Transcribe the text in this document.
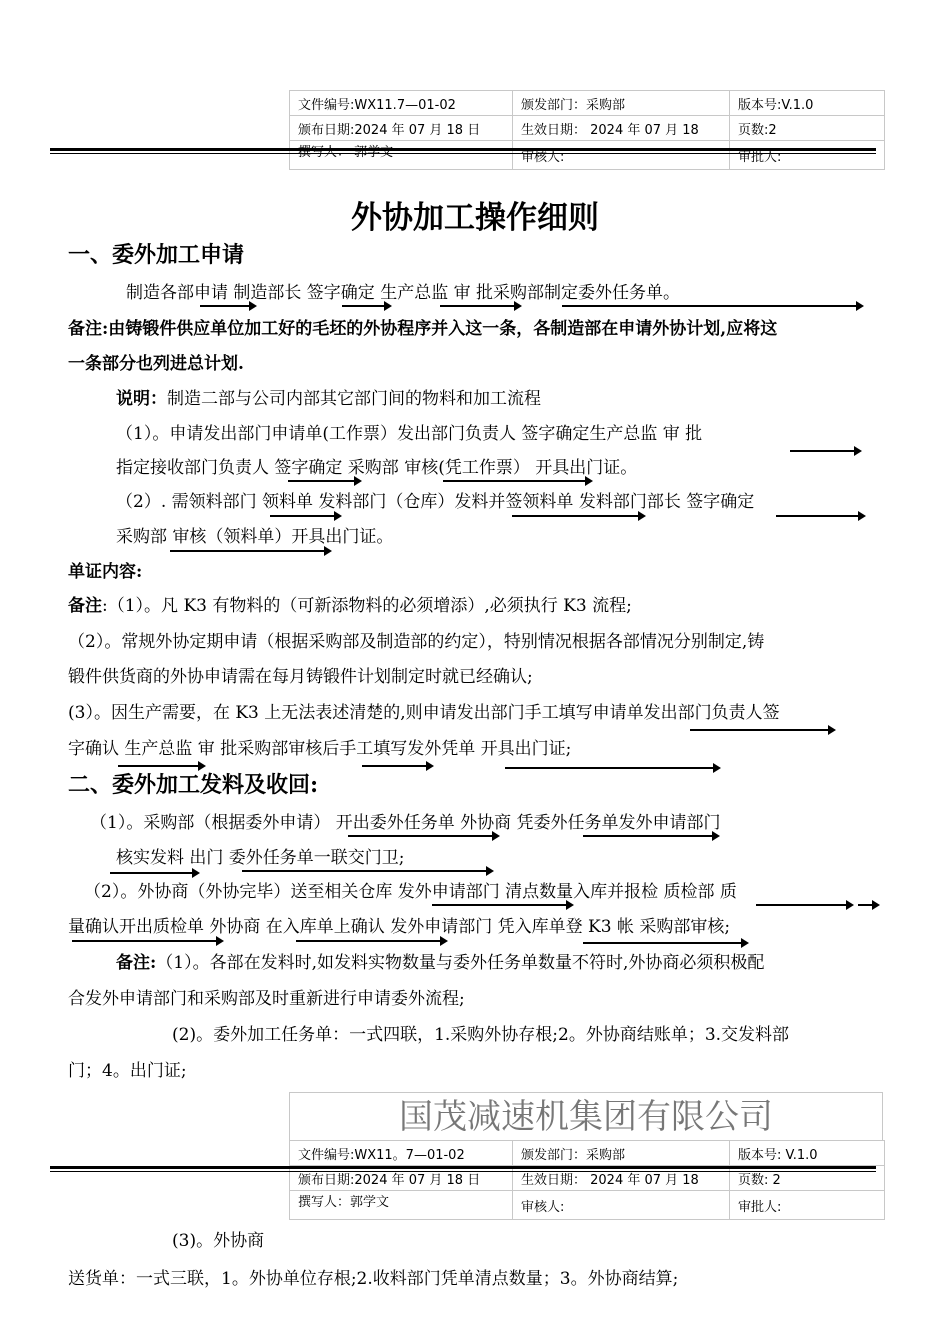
文件编号:WX11.7—01-02	颁发部门：采购部	版本号:V.1.0
颁布日期:2024 年 07 月 18 日	生效日期： 2024 年 07 月 18	页数:2
撰写人： 郭学文	审核人:	审批人:
外协加工操作细则
一、委外加工申请
制造各部申请 制造部长 签字确定 生产总监 审 批采购部制定委外任务单。
备注:由铸锻件供应单位加工好的毛坯的外协程序并入这一条，各制造部在申请外协计划,应将这
一条部分也列进总计划.
说明：制造二部与公司内部其它部门间的物料和加工流程
（1）。申请发出部门申请单(工作票）发出部门负责人 签字确定生产总监 审 批
指定接收部门负责人 签字确定 采购部 审核(凭工作票） 开具出门证。
（2）. 需领料部门 领料单 发料部门（仓库）发料并签领料单 发料部门部长 签字确定
采购部 审核（领料单）开具出门证。
单证内容:
备注:（1）。凡 K3 有物料的（可新添物料的必须增添）,必须执行 K3 流程;
（2）。常规外协定期申请（根据采购部及制造部的约定），特别情况根据各部情况分别制定,铸
锻件供货商的外协申请需在每月铸锻件计划制定时就已经确认;
(3）。因生产需要，在 K3 上无法表述清楚的,则申请发出部门手工填写申请单发出部门负责人签
字确认 生产总监 审 批采购部审核后手工填写发外凭单 开具出门证;
二、委外加工发料及收回:
（1）。采购部（根据委外申请） 开出委外任务单 外协商 凭委外任务单发外申请部门
核实发料 出门 委外任务单一联交门卫;
（2）。外协商（外协完毕）送至相关仓库 发外申请部门 清点数量入库并报检 质检部 质
量确认开出质检单 外协商 在入库单上确认 发外申请部门 凭入库单登 K3 帐 采购部审核;
备注:（1）。各部在发料时,如发料实物数量与委外任务单数量不符时,外协商必须积极配
合发外申请部门和采购部及时重新进行申请委外流程;
(2)。委外加工任务单：一式四联，1.采购外协存根;2。外协商结账单；3.交发料部
门；4。出门证;
国茂减速机集团有限公司
文件编号:WX11。7—01-02	颁发部门：采购部	版本号: V.1.0
颁布日期:2024 年 07 月 18 日	生效日期： 2024 年 07 月 18	页数: 2
撰写人：郭学文	审核人:	审批人:
(3)。外协商
送货单：一式三联，1。外协单位存根;2.收料部门凭单清点数量；3。外协商结算;
